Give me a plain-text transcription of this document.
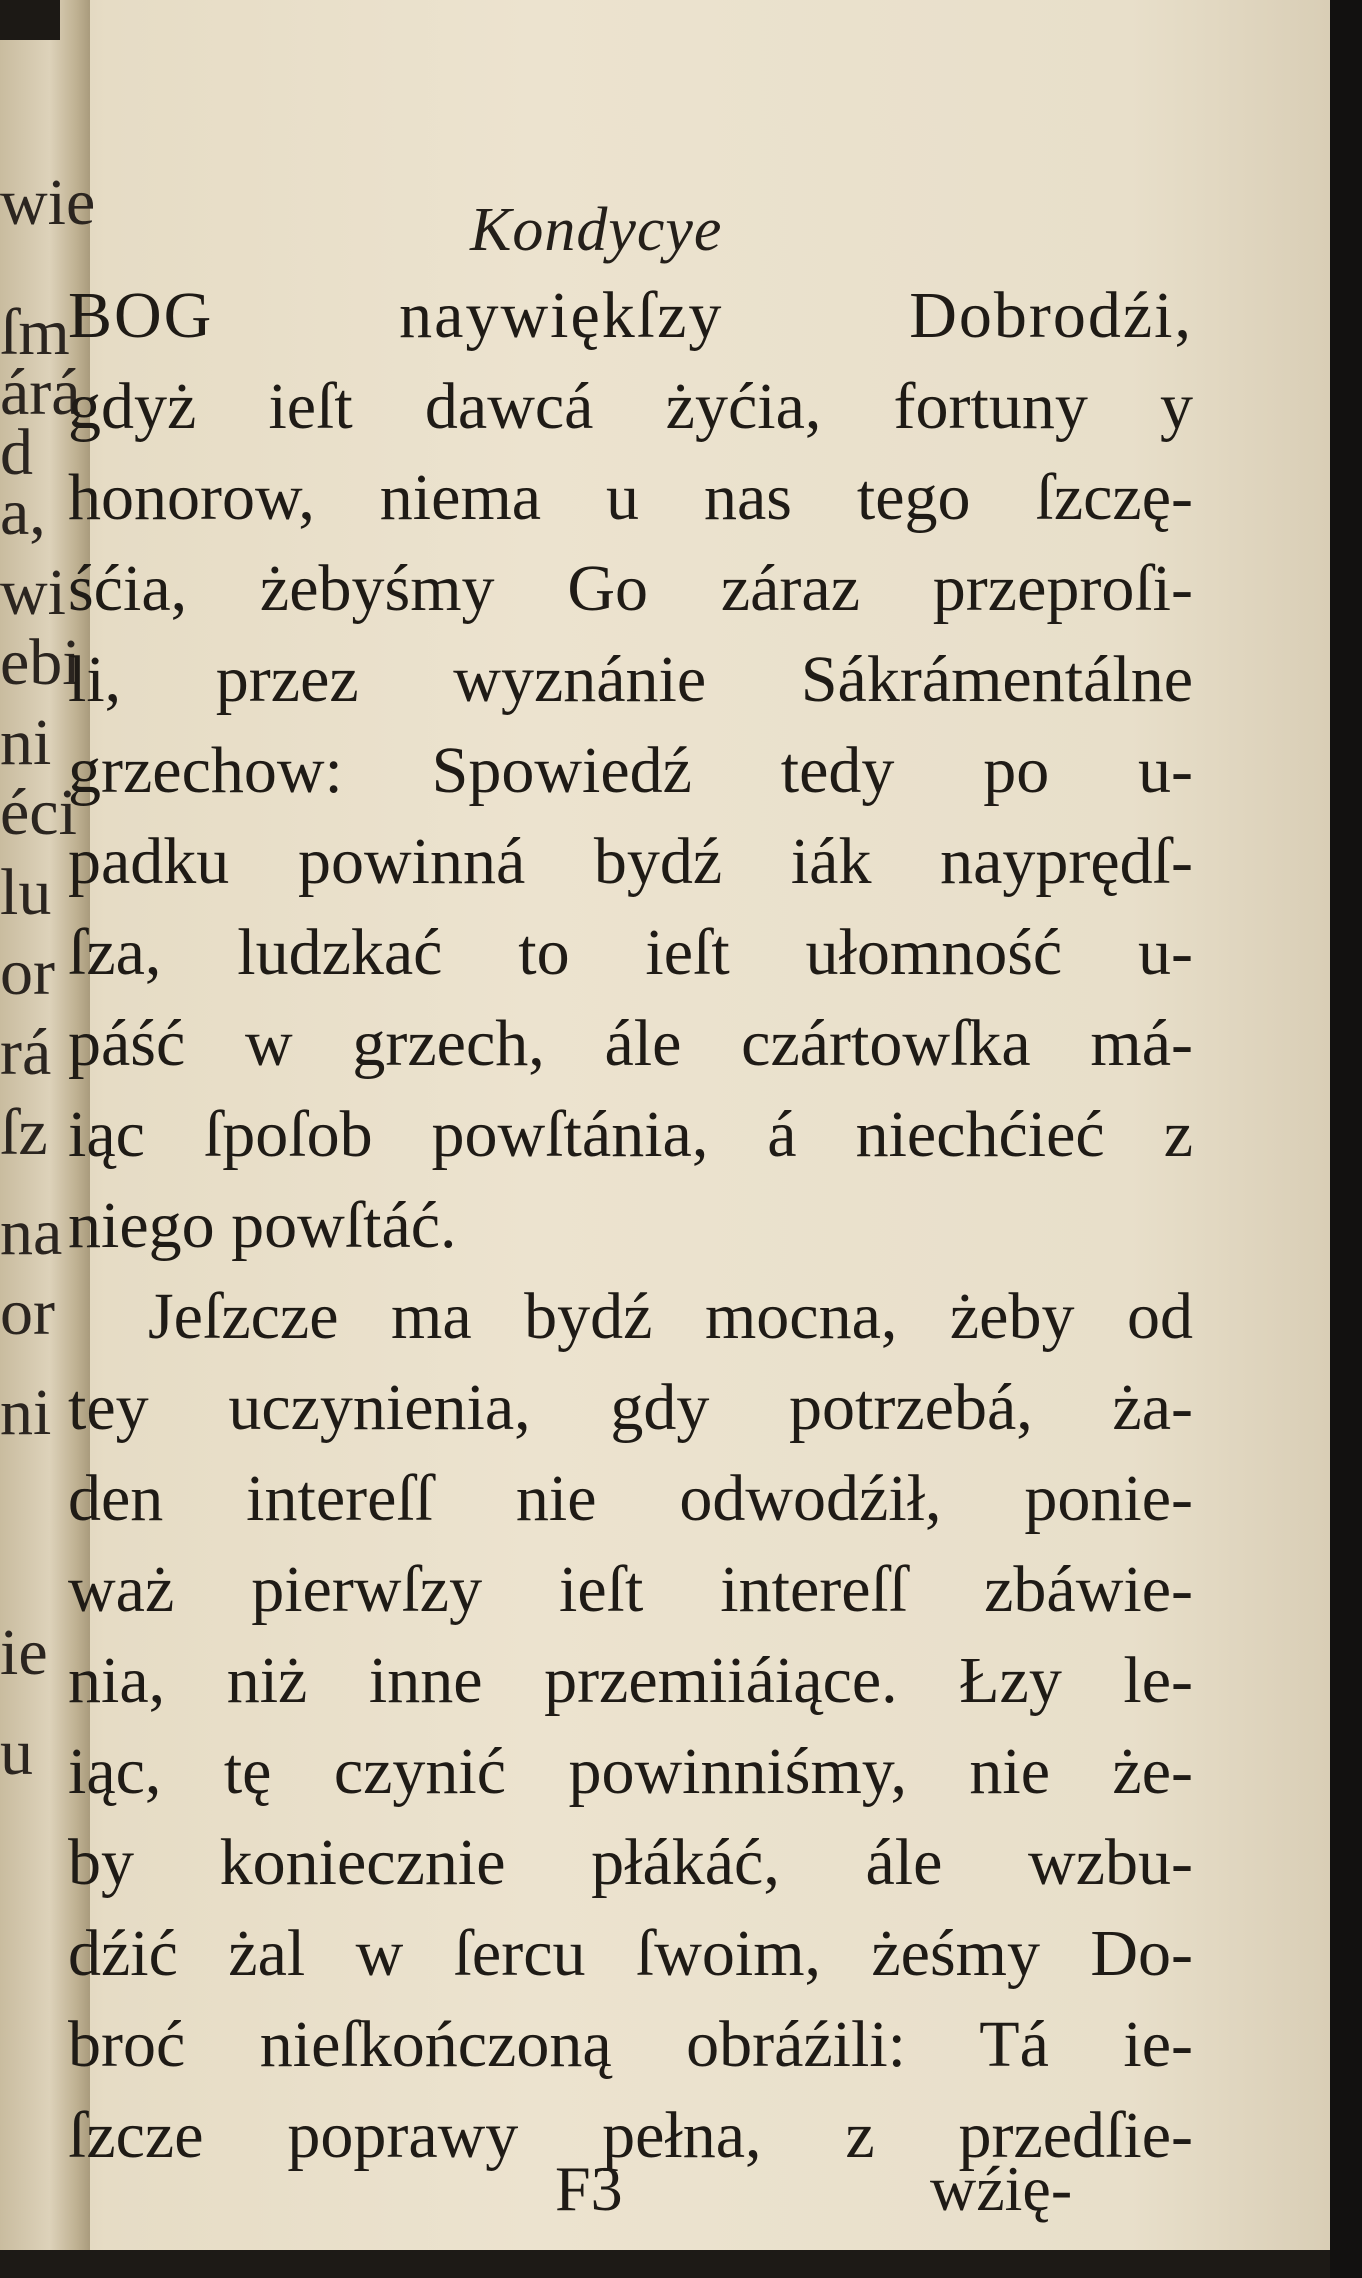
wie
ſm
árá
d
a,
wi
ebi
ni
éci
lu
or
rá
ſz
na
or
ni
ie
u
Kondycye
BOG naywiękſzy Dobrodźi,
gdyż ieſt dawcá żyćia, fortuny y
honorow, niema u nas tego ſzczę-
śćia, żebyśmy Go záraz przeproſi-
li, przez wyznánie Sákrámentálne
grzechow: Spowiedź tedy po u-
padku powinná bydź iák nayprędſ-
ſza, ludzkać to ieſt ułomność u-
páść w grzech, ále czártowſka má-
iąc ſpoſob powſtánia, á niechćieć z
niego powſtáć.
Jeſzcze ma bydź mocna, żeby od
tey uczynienia, gdy potrzebá, ża-
den intereſſ nie odwodźił, ponie-
waż pierwſzy ieſt intereſſ zbáwie-
nia, niż inne przemiiáiące. Łzy le-
iąc, tę czynić powinniśmy, nie że-
by koniecznie płákáć, ále wzbu-
dźić żal w ſercu ſwoim, żeśmy Do-
broć nieſkończoną obráźili: Tá ie-
ſzcze poprawy pełna, z przedſie-
F3	wźię-
